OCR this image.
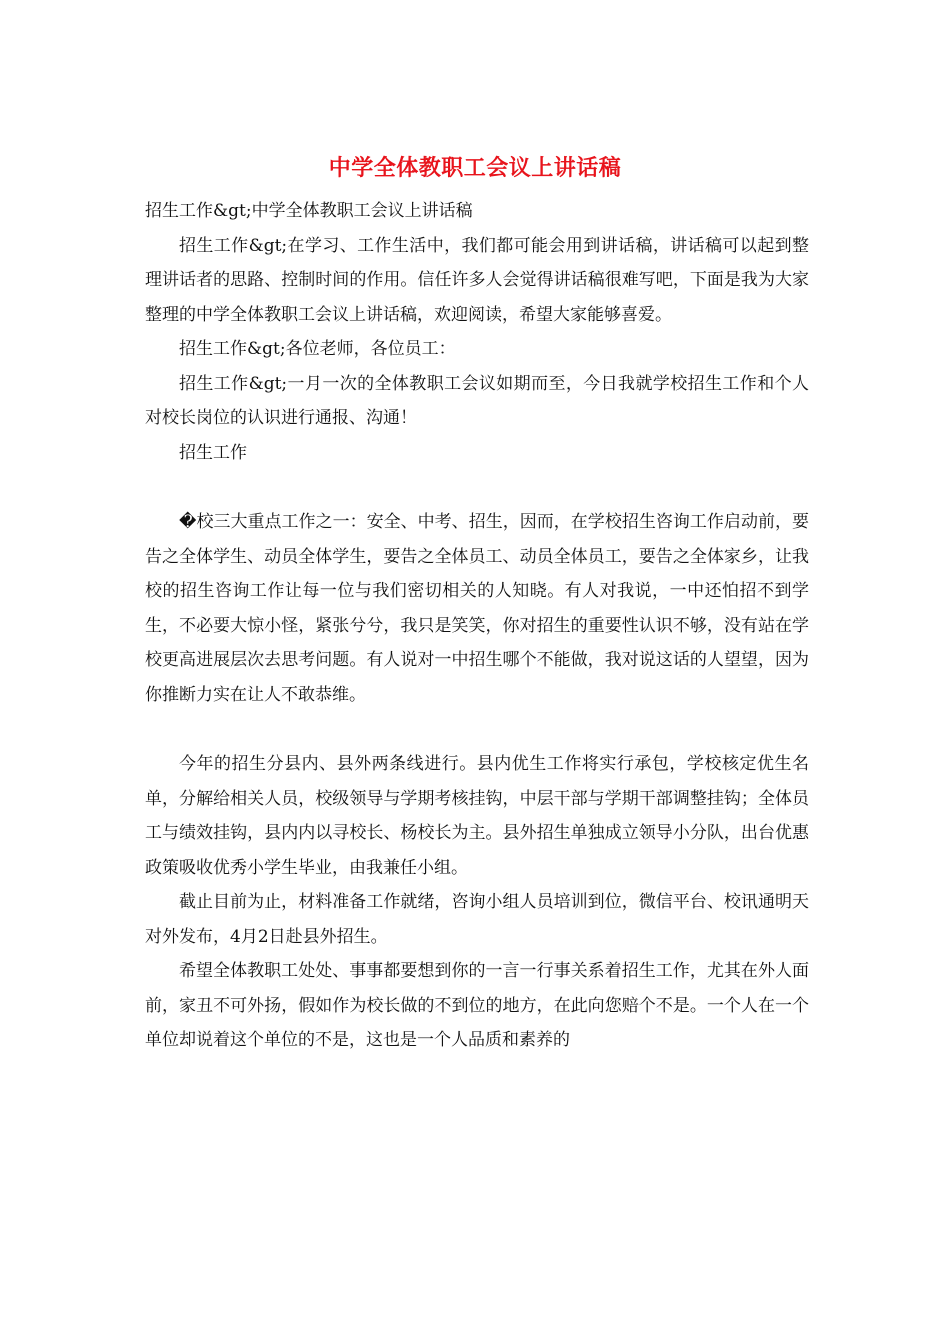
中学全体教职工会议上讲话稿

招生工作&gt;中学全体教职工会议上讲话稿

招生工作&gt;在学习、工作生活中，我们都可能会用到讲话稿，讲话稿可以起到整理讲话者的思路、控制时间的作用。信任许多人会觉得讲话稿很难写吧，下面是我为大家整理的中学全体教职工会议上讲话稿，欢迎阅读，希望大家能够喜爱。

招生工作&gt;各位老师，各位员工：

招生工作&gt;一月一次的全体教职工会议如期而至，今日我就学校招生工作和个人对校长岗位的认识进行通报、沟通！

招生工作

�校三大重点工作之一：安全、中考、招生，因而，在学校招生咨询工作启动前，要告之全体学生、动员全体学生，要告之全体员工、动员全体员工，要告之全体家乡，让我校的招生咨询工作让每一位与我们密切相关的人知晓。有人对我说，一中还怕招不到学生，不必要大惊小怪，紧张兮兮，我只是笑笑，你对招生的重要性认识不够，没有站在学校更高进展层次去思考问题。有人说对一中招生哪个不能做，我对说这话的人望望，因为你推断力实在让人不敢恭维。

今年的招生分县内、县外两条线进行。县内优生工作将实行承包，学校核定优生名单，分解给相关人员，校级领导与学期考核挂钩，中层干部与学期干部调整挂钩；全体员工与绩效挂钩，县内内以寻校长、杨校长为主。县外招生单独成立领导小分队，出台优惠政策吸收优秀小学生毕业，由我兼任小组。

截止目前为止，材料准备工作就绪，咨询小组人员培训到位，微信平台、校讯通明天对外发布，4月2日赴县外招生。

希望全体教职工处处、事事都要想到你的一言一行事关系着招生工作，尤其在外人面前，家丑不可外扬，假如作为校长做的不到位的地方，在此向您赔个不是。一个人在一个单位却说着这个单位的不是，这也是一个人品质和素养的
